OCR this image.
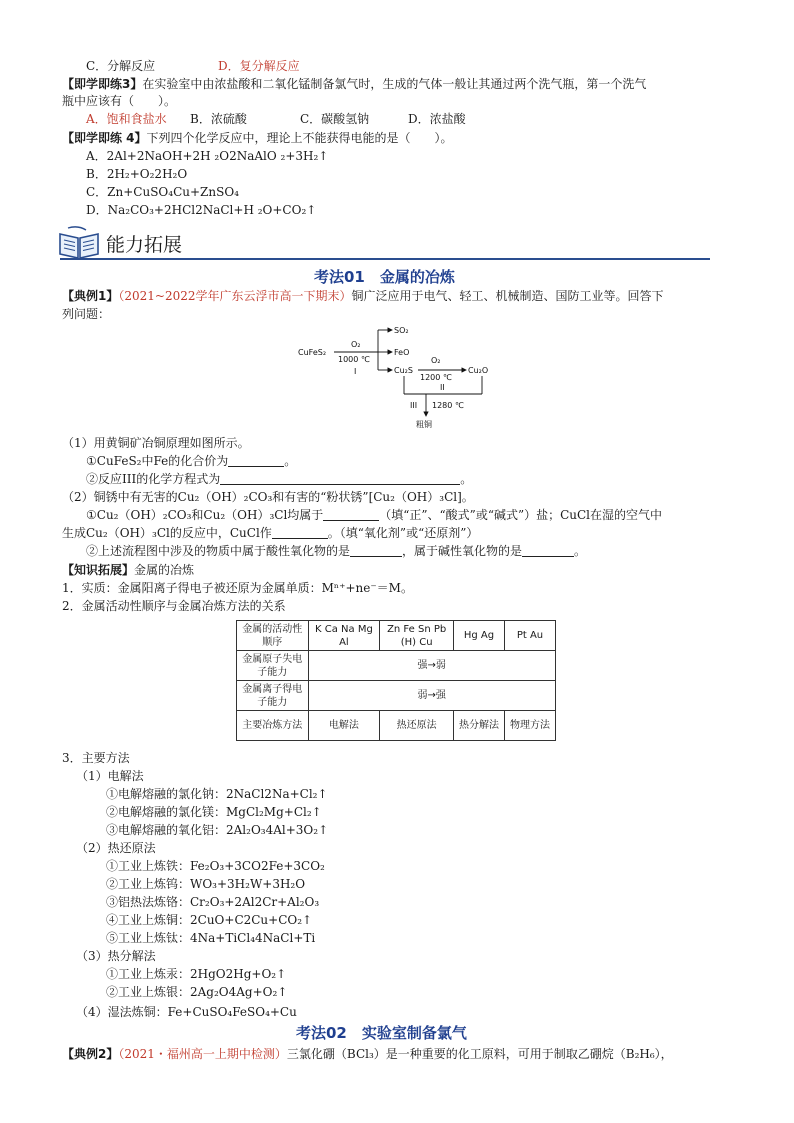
C．分解反应	D．复分解反应
【即学即练3】在实验室中由浓盐酸和二氧化锰制备氯气时，生成的气体一般让其通过两个洗气瓶，第一个洗气
瓶中应该有（　　）。
A．饱和食盐水 B．浓硫酸	C．碳酸氢钠	D．浓盐酸
【即学即练 4】下列四个化学反应中，理论上不能获得电能的是（　　）。
A．2Al+2NaOH+2H ₂O2NaAlO ₂+3H₂↑
B．2H₂+O₂2H₂O
C．Zn+CuSO₄Cu+ZnSO₄
D．Na₂CO₃+2HCl2NaCl+H ₂O+CO₂↑
能力拓展
考法01　金属的冶炼
【典例1】（2021~2022学年广东云浮市高一下期末）铜广泛应用于电气、轻工、机械制造、国防工业等。回答下
列问题：
CuFeS₂
O₂
1000 ℃
I
SO₂
FeO
Cu₂S
O₂
1200 ℃
Cu₂O
II
III 1280 ℃
粗铜
（1）用黄铜矿冶铜原理如图所示。
①CuFeS₂中Fe的化合价为	。
②反应III的化学方程式为	。
（2）铜锈中有无害的Cu₂（OH）₂CO₃和有害的“粉状锈”[Cu₂（OH）₃Cl]。
①Cu₂（OH）₂CO₃和Cu₂（OH）₃Cl均属于	（填“正”、“酸式”或“碱式”）盐；CuCl在湿的空气中
生成Cu₂（OH）₃Cl的反应中，CuCl作	。（填“氧化剂”或“还原剂”）
②上述流程图中涉及的物质中属于酸性氧化物的是	，属于碱性氧化物的是	。
【知识拓展】金属的冶炼
1．实质：金属阳离子得电子被还原为金属单质：Mⁿ⁺+ne⁻＝M。
2．金属活动性顺序与金属冶炼方法的关系
金属的活动性顺序	K Ca Na Mg Al	Zn Fe Sn Pb (H) Cu	Hg Ag	Pt Au
金属原子失电子能力	强→弱			
金属离子得电子能力	弱→强			
主要冶炼方法	电解法	热还原法	热分解法	物理方法
3．主要方法
（1）电解法
①电解熔融的氯化钠：2NaCl2Na+Cl₂↑
②电解熔融的氯化镁：MgCl₂Mg+Cl₂↑
③电解熔融的氧化铝：2Al₂O₃4Al+3O₂↑
（2）热还原法
①工业上炼铁：Fe₂O₃+3CO2Fe+3CO₂
②工业上炼钨：WO₃+3H₂W+3H₂O
③铝热法炼铬：Cr₂O₃+2Al2Cr+Al₂O₃
④工业上炼铜：2CuO+C2Cu+CO₂↑
⑤工业上炼钛：4Na+TiCl₄4NaCl+Ti
（3）热分解法
①工业上炼汞：2HgO2Hg+O₂↑
②工业上炼银：2Ag₂O4Ag+O₂↑
（4）湿法炼铜：Fe+CuSO₄FeSO₄+Cu
考法02　实验室制备氯气
【典例2】（2021・福州高一上期中检测）三氯化硼（BCl₃）是一种重要的化工原料，可用于制取乙硼烷（B₂H₆），
